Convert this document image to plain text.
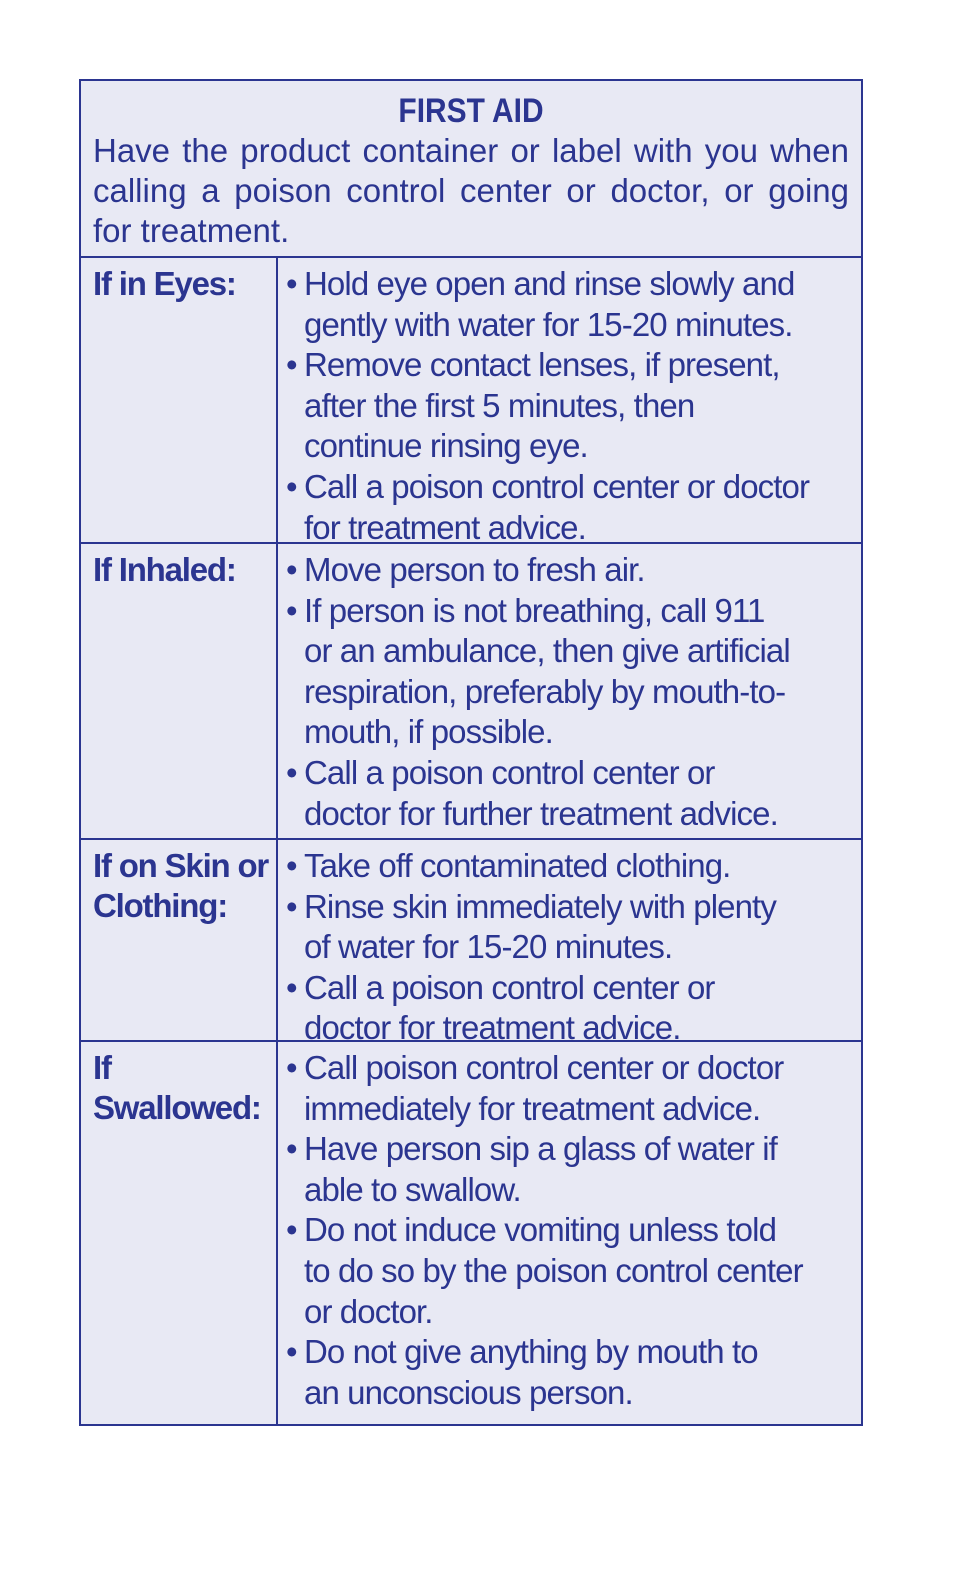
FIRST AID
Have the product container or label with you when calling a poison control center or doctor, or going for treatment.
If in Eyes:	• Hold eye open and rinse slowly and
gently with water for 15-20 minutes.
• Remove contact lenses, if present,
after the first 5 minutes, then
continue rinsing eye.
• Call a poison control center or doctor
for treatment advice.
If Inhaled:	• Move person to fresh air.
• If person is not breathing, call 911
or an ambulance, then give artificial
respiration, preferably by mouth-to-
mouth, if possible.
• Call a poison control center or
doctor for further treatment advice.
If on Skin or
Clothing:
• Take off contaminated clothing.
• Rinse skin immediately with plenty
of water for 15-20 minutes.
• Call a poison control center or
doctor for treatment advice.
If
Swallowed:
• Call poison control center or doctor
immediately for treatment advice.
• Have person sip a glass of water if
able to swallow.
• Do not induce vomiting unless told
to do so by the poison control center
or doctor.
• Do not give anything by mouth to
an unconscious person.
